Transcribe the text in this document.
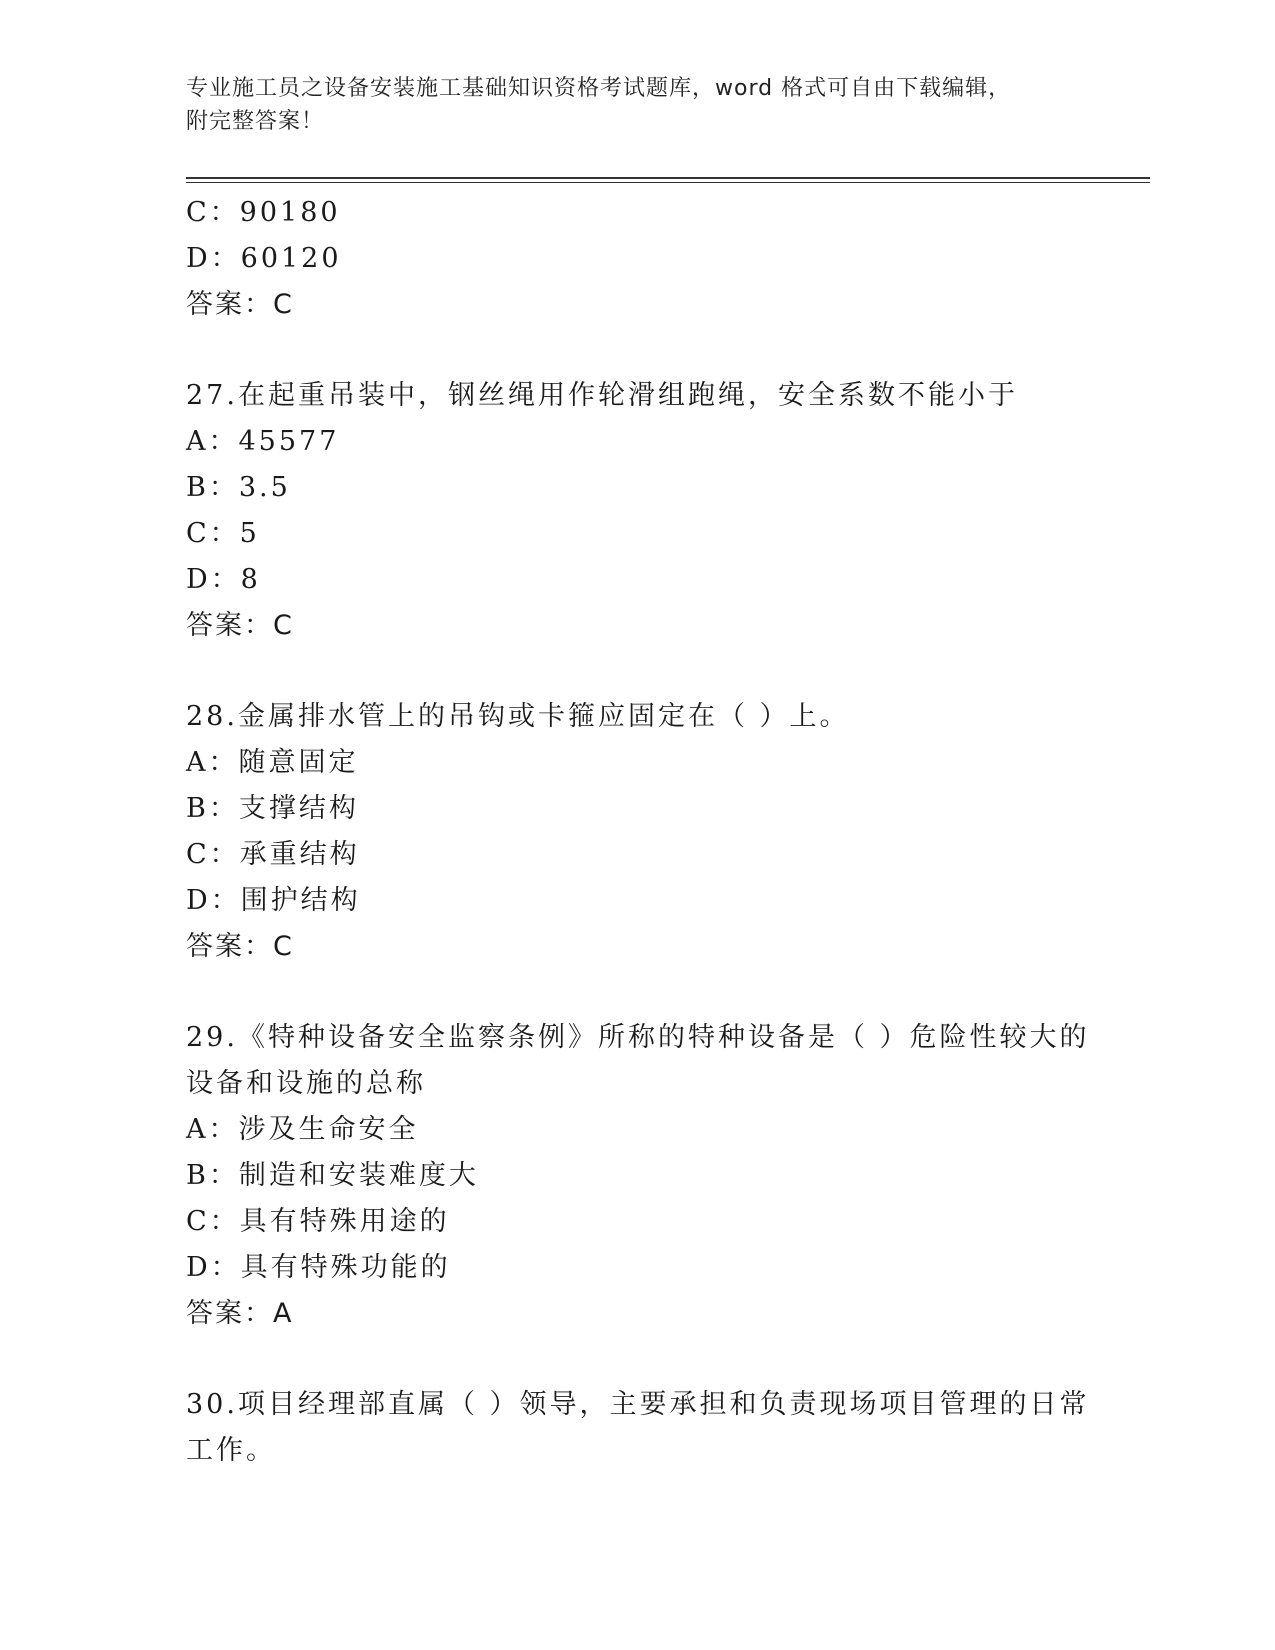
专业施工员之设备安装施工基础知识资格考试题库，word 格式可自由下载编辑，
附完整答案！
C：90180
D：60120
答案：C
27.在起重吊装中，钢丝绳用作轮滑组跑绳，安全系数不能小于
A：45577
B：3.5
C：5
D：8
答案：C
28.金属排水管上的吊钩或卡箍应固定在（ ）上。
A：随意固定
B：支撑结构
C：承重结构
D：围护结构
答案：C
29.《特种设备安全监察条例》所称的特种设备是（ ）危险性较大的
设备和设施的总称
A：涉及生命安全
B：制造和安装难度大
C：具有特殊用途的
D：具有特殊功能的
答案：A
30.项目经理部直属（ ）领导，主要承担和负责现场项目管理的日常
工作。
